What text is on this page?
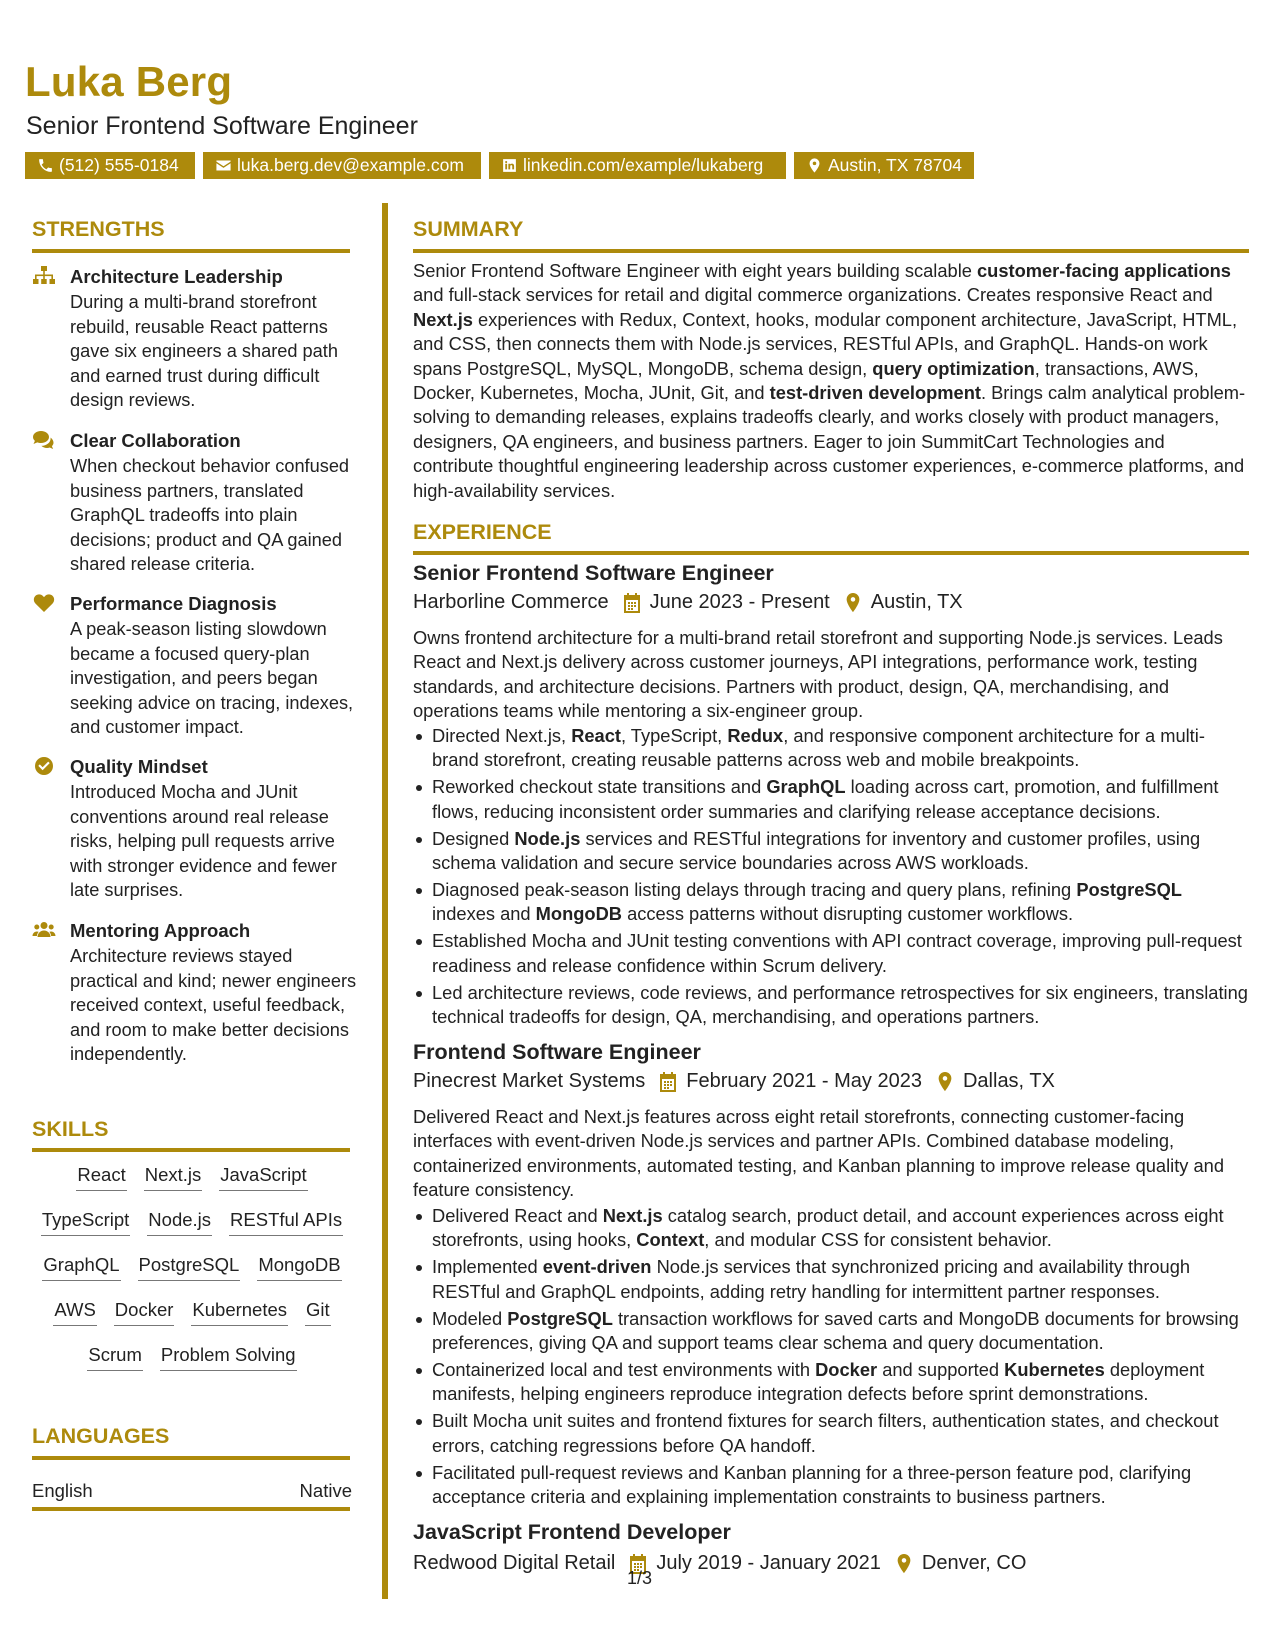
Luka Berg
Senior Frontend Software Engineer
(512) 555-0184	luka.berg.dev@example.com	linkedin.com/example/lukaberg	Austin, TX 78704
STRENGTHS
Architecture Leadership
During a multi-brand storefront rebuild, reusable React patterns gave six engineers a shared path and earned trust during difficult design reviews.
Clear Collaboration
When checkout behavior confused business partners, translated GraphQL tradeoffs into plain decisions; product and QA gained shared release criteria.
Performance Diagnosis
A peak-season listing slowdown became a focused query-plan investigation, and peers began seeking advice on tracing, indexes, and customer impact.
Quality Mindset
Introduced Mocha and JUnit conventions around real release risks, helping pull requests arrive with stronger evidence and fewer late surprises.
Mentoring Approach
Architecture reviews stayed practical and kind; newer engineers received context, useful feedback, and room to make better decisions independently.
SKILLS
React Next.js JavaScript
TypeScript Node.js RESTful APIs
GraphQL PostgreSQL MongoDB
AWS Docker Kubernetes Git
Scrum Problem Solving
LANGUAGES
English	Native
SUMMARY
Senior Frontend Software Engineer with eight years building scalable customer-facing applications and full-stack services for retail and digital commerce organizations. Creates responsive React and Next.js experiences with Redux, Context, hooks, modular component architecture, JavaScript, HTML, and CSS, then connects them with Node.js services, RESTful APIs, and GraphQL. Hands-on work spans PostgreSQL, MySQL, MongoDB, schema design, query optimization, transactions, AWS, Docker, Kubernetes, Mocha, JUnit, Git, and test-driven development. Brings calm analytical problem-solving to demanding releases, explains tradeoffs clearly, and works closely with product managers, designers, QA engineers, and business partners. Eager to join SummitCart Technologies and contribute thoughtful engineering leadership across customer experiences, e-commerce platforms, and high-availability services.
EXPERIENCE
Senior Frontend Software Engineer
Harborline Commerce June 2023 - Present Austin, TX
Owns frontend architecture for a multi-brand retail storefront and supporting Node.js services. Leads React and Next.js delivery across customer journeys, API integrations, performance work, testing standards, and architecture decisions. Partners with product, design, QA, merchandising, and operations teams while mentoring a six-engineer group.
Directed Next.js, React, TypeScript, Redux, and responsive component architecture for a multi-brand storefront, creating reusable patterns across web and mobile breakpoints.
Reworked checkout state transitions and GraphQL loading across cart, promotion, and fulfillment flows, reducing inconsistent order summaries and clarifying release acceptance decisions.
Designed Node.js services and RESTful integrations for inventory and customer profiles, using schema validation and secure service boundaries across AWS workloads.
Diagnosed peak-season listing delays through tracing and query plans, refining PostgreSQL indexes and MongoDB access patterns without disrupting customer workflows.
Established Mocha and JUnit testing conventions with API contract coverage, improving pull-request readiness and release confidence within Scrum delivery.
Led architecture reviews, code reviews, and performance retrospectives for six engineers, translating technical tradeoffs for design, QA, merchandising, and operations partners.
Frontend Software Engineer
Pinecrest Market Systems February 2021 - May 2023 Dallas, TX
Delivered React and Next.js features across eight retail storefronts, connecting customer-facing interfaces with event-driven Node.js services and partner APIs. Combined database modeling, containerized environments, automated testing, and Kanban planning to improve release quality and feature consistency.
Delivered React and Next.js catalog search, product detail, and account experiences across eight storefronts, using hooks, Context, and modular CSS for consistent behavior.
Implemented event-driven Node.js services that synchronized pricing and availability through RESTful and GraphQL endpoints, adding retry handling for intermittent partner responses.
Modeled PostgreSQL transaction workflows for saved carts and MongoDB documents for browsing preferences, giving QA and support teams clear schema and query documentation.
Containerized local and test environments with Docker and supported Kubernetes deployment manifests, helping engineers reproduce integration defects before sprint demonstrations.
Built Mocha unit suites and frontend fixtures for search filters, authentication states, and checkout errors, catching regressions before QA handoff.
Facilitated pull-request reviews and Kanban planning for a three-person feature pod, clarifying acceptance criteria and explaining implementation constraints to business partners.
JavaScript Frontend Developer
Redwood Digital Retail July 2019 - January 2021 Denver, CO
1/3
